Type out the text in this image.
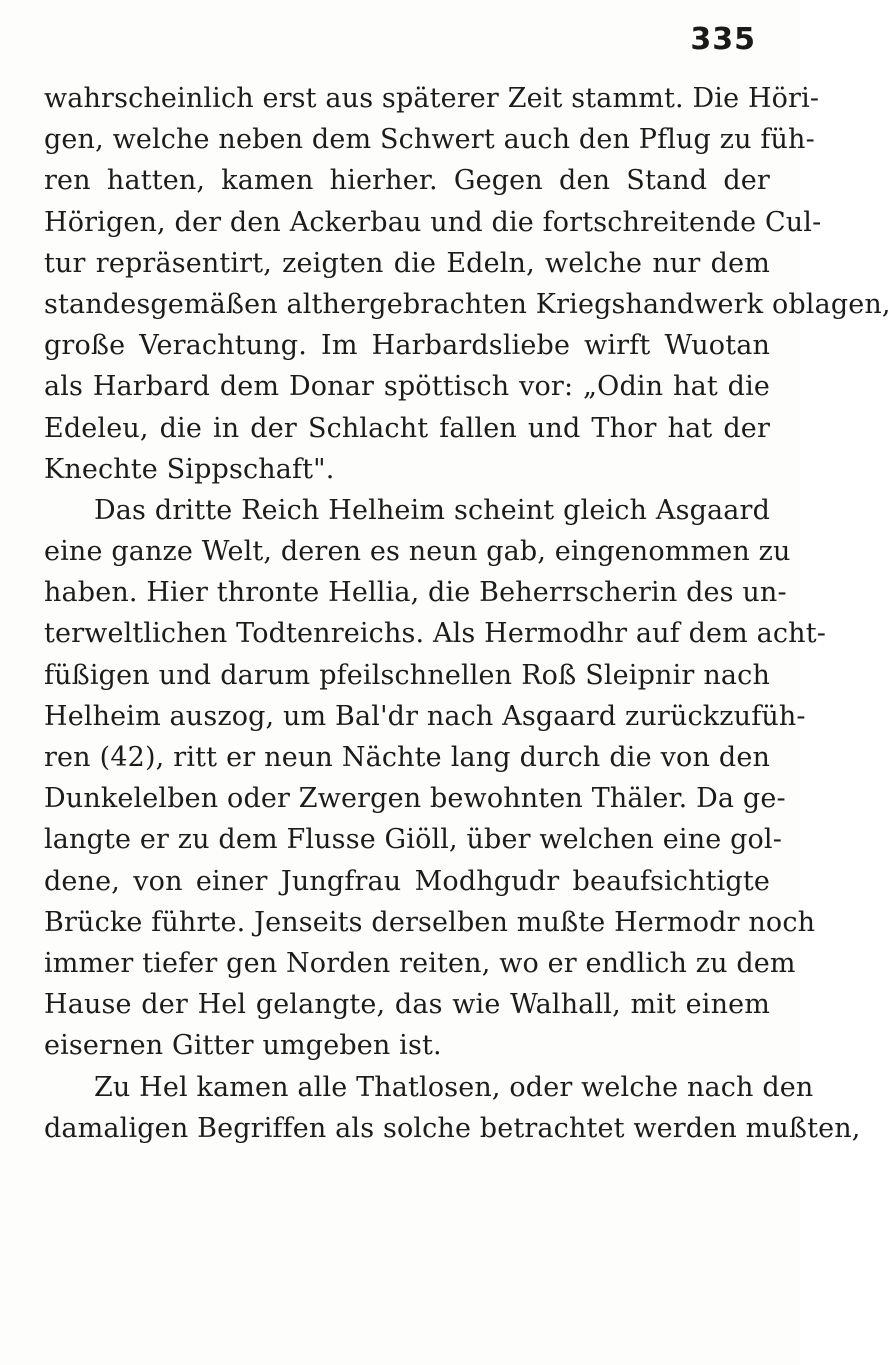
335
wahrscheinlich erst aus späterer Zeit stammt. Die Höri-
gen, welche neben dem Schwert auch den Pflug zu füh-
ren hatten, kamen hierher. Gegen den Stand der
Hörigen, der den Ackerbau und die fortschreitende Cul-
tur repräsentirt, zeigten die Edeln, welche nur dem
standesgemäßen althergebrachten Kriegshandwerk oblagen,
große Verachtung. Im Harbardsliebe wirft Wuotan
als Harbard dem Donar spöttisch vor: „Odin hat die
Edeleu, die in der Schlacht fallen und Thor hat der
Knechte Sippschaft".
Das dritte Reich Helheim scheint gleich Asgaard
eine ganze Welt, deren es neun gab, eingenommen zu
haben. Hier thronte Hellia, die Beherrscherin des un-
terweltlichen Todtenreichs. Als Hermodhr auf dem acht-
füßigen und darum pfeilschnellen Roß Sleipnir nach
Helheim auszog, um Bal'dr nach Asgaard zurückzufüh-
ren (42), ritt er neun Nächte lang durch die von den
Dunkelelben oder Zwergen bewohnten Thäler. Da ge-
langte er zu dem Flusse Giöll, über welchen eine gol-
dene, von einer Jungfrau Modhgudr beaufsichtigte
Brücke führte. Jenseits derselben mußte Hermodr noch
immer tiefer gen Norden reiten, wo er endlich zu dem
Hause der Hel gelangte, das wie Walhall, mit einem
eisernen Gitter umgeben ist.
Zu Hel kamen alle Thatlosen, oder welche nach den
damaligen Begriffen als solche betrachtet werden mußten,
